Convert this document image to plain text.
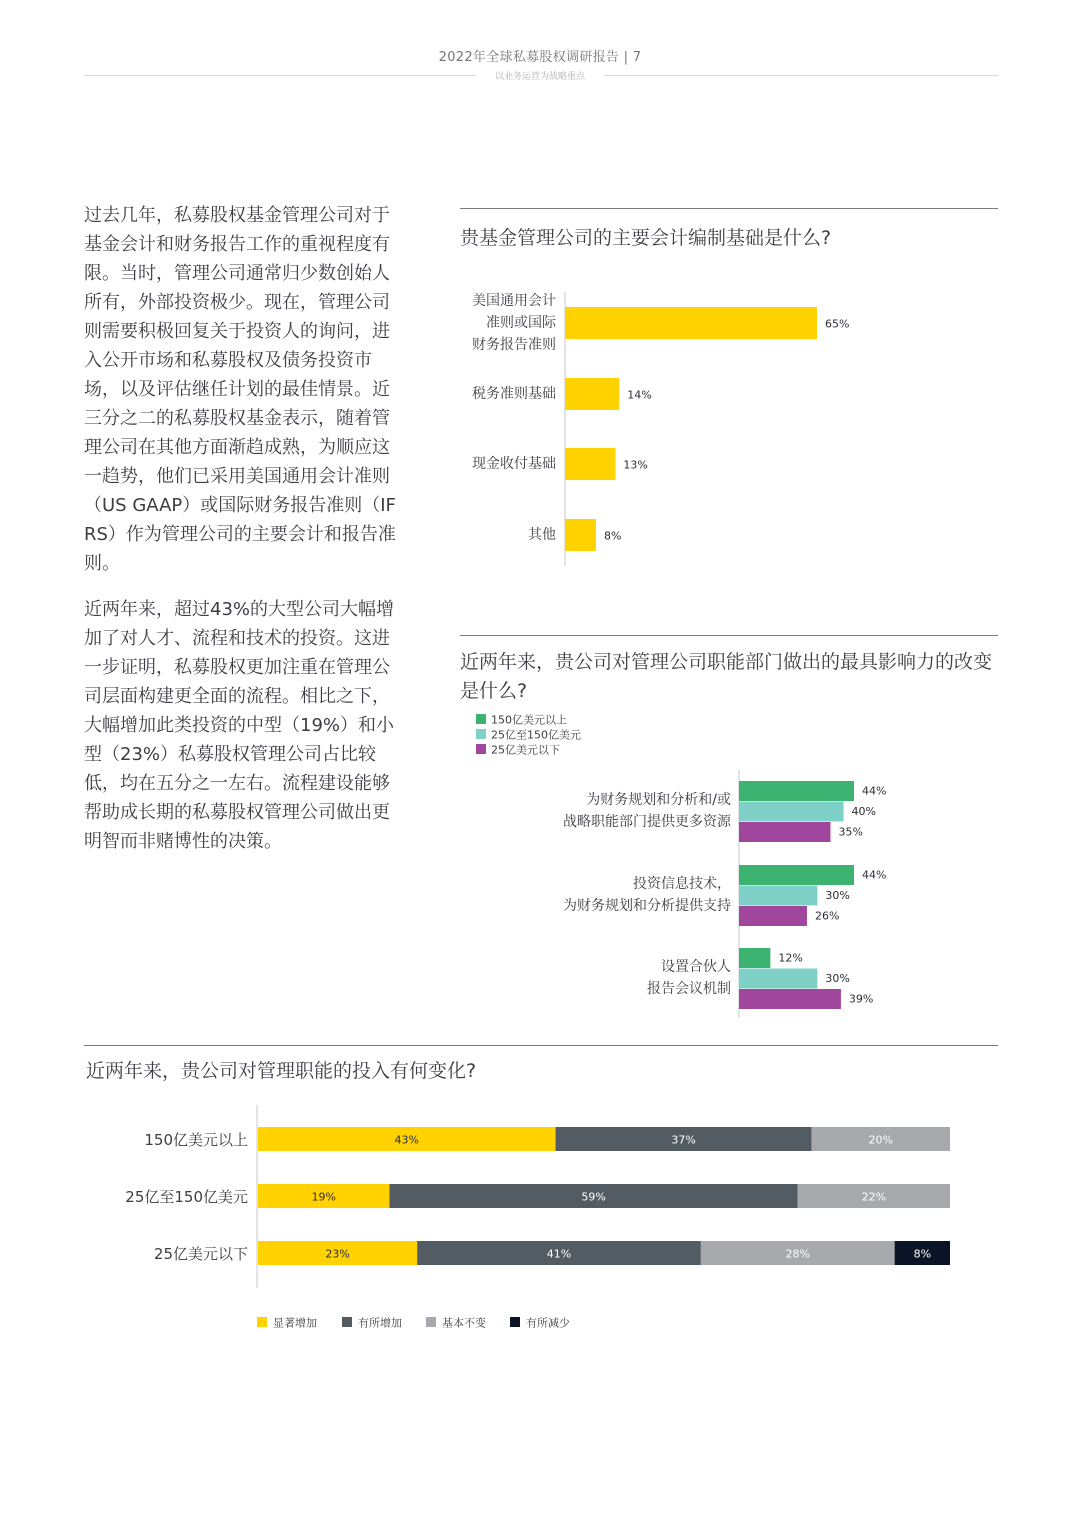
2022年全球私募股权调研报告 | 7
以业务运营为战略重点

过去几年，私募股权基金管理公司对于基金会计和财务报告工作的重视程度有限。当时，管理公司通常归少数创始人所有，外部投资极少。现在，管理公司则需要积极回复关于投资人的询问，进入公开市场和私募股权及债务投资市场，以及评估继任计划的最佳情景。近三分之二的私募股权基金表示，随着管理公司在其他方面渐趋成熟，为顺应这一趋势，他们已采用美国通用会计准则（US GAAP）或国际财务报告准则（IFRS）作为管理公司的主要会计和报告准则。

近两年来，超过43%的大型公司大幅增加了对人才、流程和技术的投资。这进一步证明，私募股权更加注重在管理公司层面构建更全面的流程。相比之下，大幅增加此类投资的中型（19%）和小型（23%）私募股权管理公司占比较低，均在五分之一左右。流程建设能够帮助成长期的私募股权管理公司做出更明智而非赌博性的决策。

贵基金管理公司的主要会计编制基础是什么?

近两年来，贵公司对管理公司职能部门做出的最具影响力的改变是什么?

近两年来，贵公司对管理职能的投入有何变化?

65%
美国通用会计
准则或国际
财务报告准则
14%
税务准则基础
13%
现金收付基础
8%
其他
150亿美元以上
25亿至150亿美元
25亿美元以下
44%
40%
35%
为财务规划和分析和/或
战略职能部门提供更多资源
44%
30%
26%
投资信息技术，
为财务规划和分析提供支持
12%
30%
39%
设置合伙人
报告会议机制
43%	37%	20%
150亿美元以上
19%	59%	22%
25亿至150亿美元
23%	41%	28%	8%
25亿美元以下
显著增加	有所增加	基本不变	有所减少
